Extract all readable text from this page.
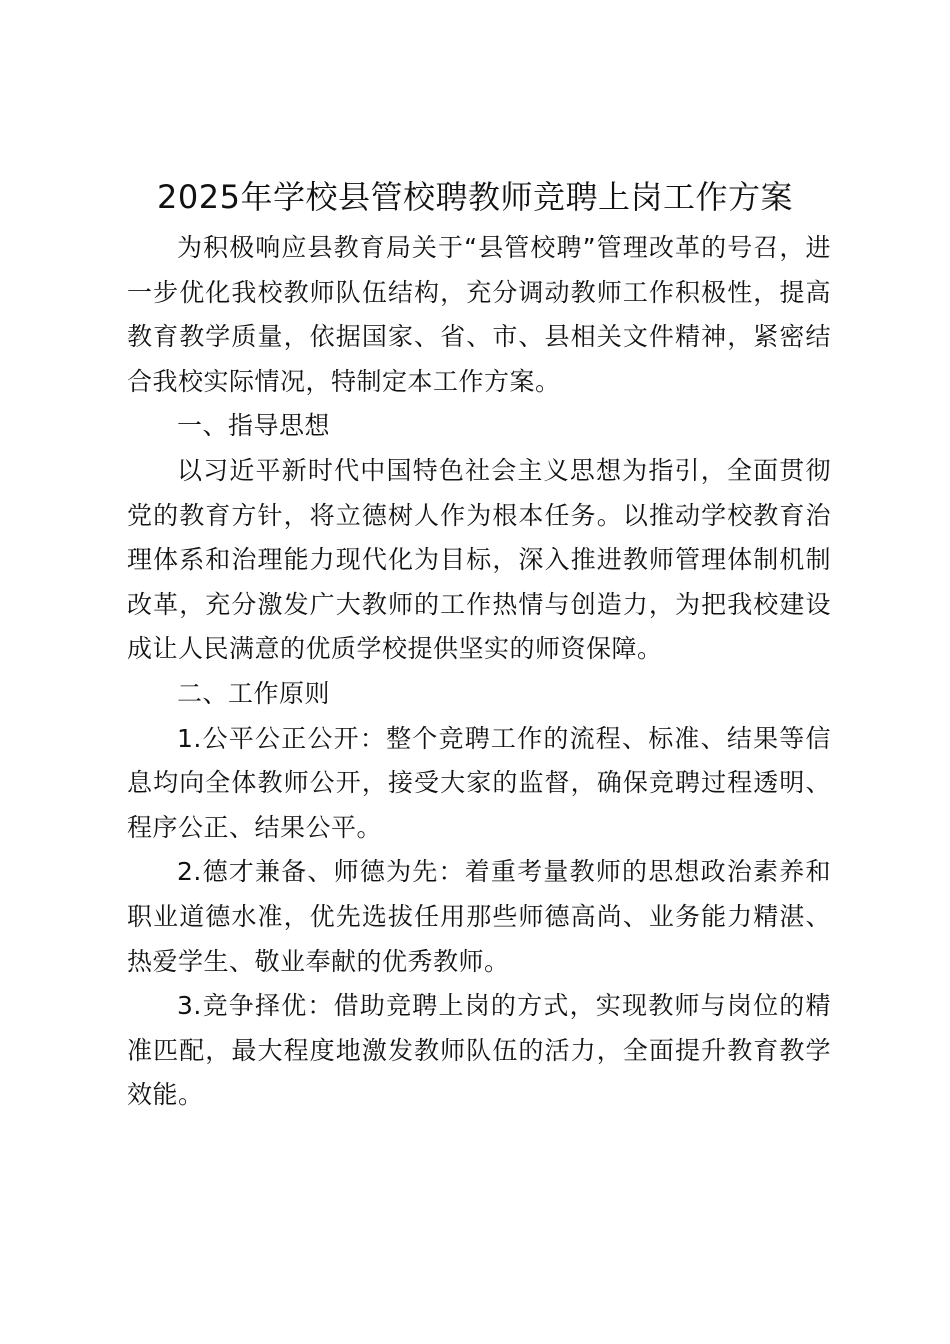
2025年学校县管校聘教师竞聘上岗工作方案

为积极响应县教育局关于“县管校聘”管理改革的号召，进一步优化我校教师队伍结构，充分调动教师工作积极性，提高教育教学质量，依据国家、省、市、县相关文件精神，紧密结合我校实际情况，特制定本工作方案。

一、指导思想

以习近平新时代中国特色社会主义思想为指引，全面贯彻党的教育方针，将立德树人作为根本任务。以推动学校教育治理体系和治理能力现代化为目标，深入推进教师管理体制机制改革，充分激发广大教师的工作热情与创造力，为把我校建设成让人民满意的优质学校提供坚实的师资保障。

二、工作原则

1.公平公正公开：整个竞聘工作的流程、标准、结果等信息均向全体教师公开，接受大家的监督，确保竞聘过程透明、程序公正、结果公平。

2.德才兼备、师德为先：着重考量教师的思想政治素养和职业道德水准，优先选拔任用那些师德高尚、业务能力精湛、热爱学生、敬业奉献的优秀教师。

3.竞争择优：借助竞聘上岗的方式，实现教师与岗位的精准匹配，最大程度地激发教师队伍的活力，全面提升教育教学效能。
